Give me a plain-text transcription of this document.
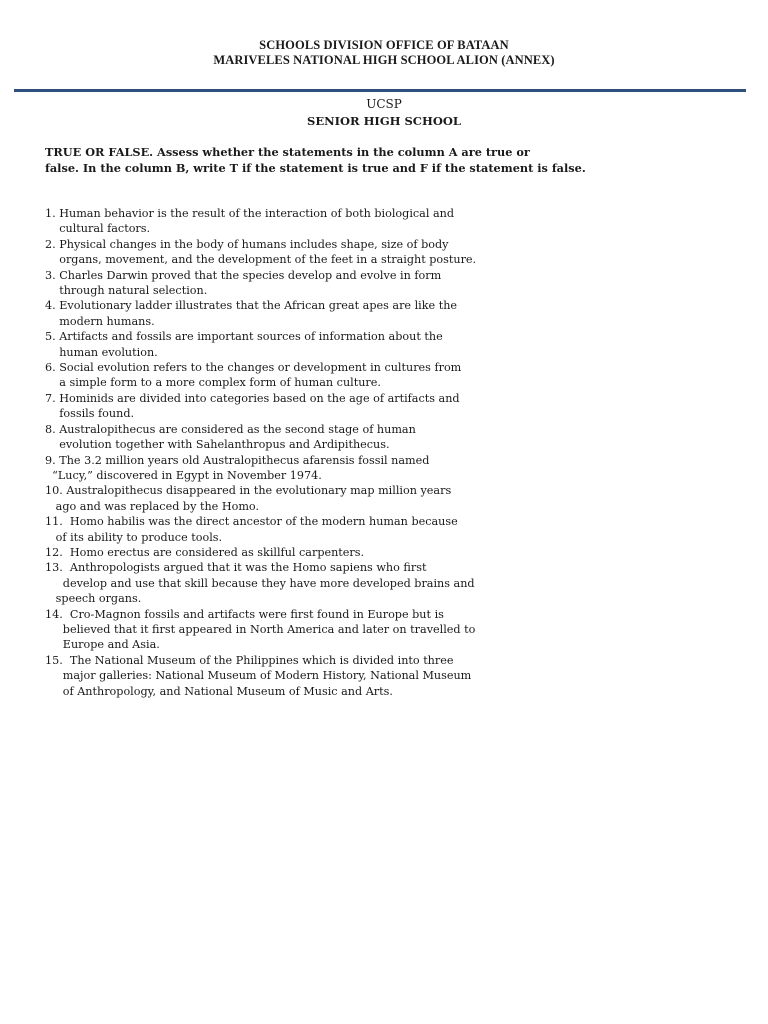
SCHOOLS DIVISION OFFICE OF BATAAN
MARIVELES NATIONAL HIGH SCHOOL ALION (ANNEX)
UCSP
SENIOR HIGH SCHOOL
TRUE OR FALSE. Assess whether the statements in the column A are true or
false. In the column B, write T if the statement is true and F if the statement is false.
1. Human behavior is the result of the interaction of both biological and
cultural factors.
2. Physical changes in the body of humans includes shape, size of body
organs, movement, and the development of the feet in a straight posture.
3. Charles Darwin proved that the species develop and evolve in form
through natural selection.
4. Evolutionary ladder illustrates that the African great apes are like the
modern humans.
5. Artifacts and fossils are important sources of information about the
human evolution.
6. Social evolution refers to the changes or development in cultures from
a simple form to a more complex form of human culture.
7. Hominids are divided into categories based on the age of artifacts and
fossils found.
8. Australopithecus are considered as the second stage of human
evolution together with Sahelanthropus and Ardipithecus.
9. The 3.2 million years old Australopithecus afarensis fossil named
“Lucy,” discovered in Egypt in November 1974.
10. Australopithecus disappeared in the evolutionary map million years
ago and was replaced by the Homo.
11.  Homo habilis was the direct ancestor of the modern human because
of its ability to produce tools.
12.  Homo erectus are considered as skillful carpenters.
13.  Anthropologists argued that it was the Homo sapiens who first
develop and use that skill because they have more developed brains and
speech organs.
14.  Cro-Magnon fossils and artifacts were first found in Europe but is
believed that it first appeared in North America and later on travelled to
Europe and Asia.
15.  The National Museum of the Philippines which is divided into three
major galleries: National Museum of Modern History, National Museum
of Anthropology, and National Museum of Music and Arts.
